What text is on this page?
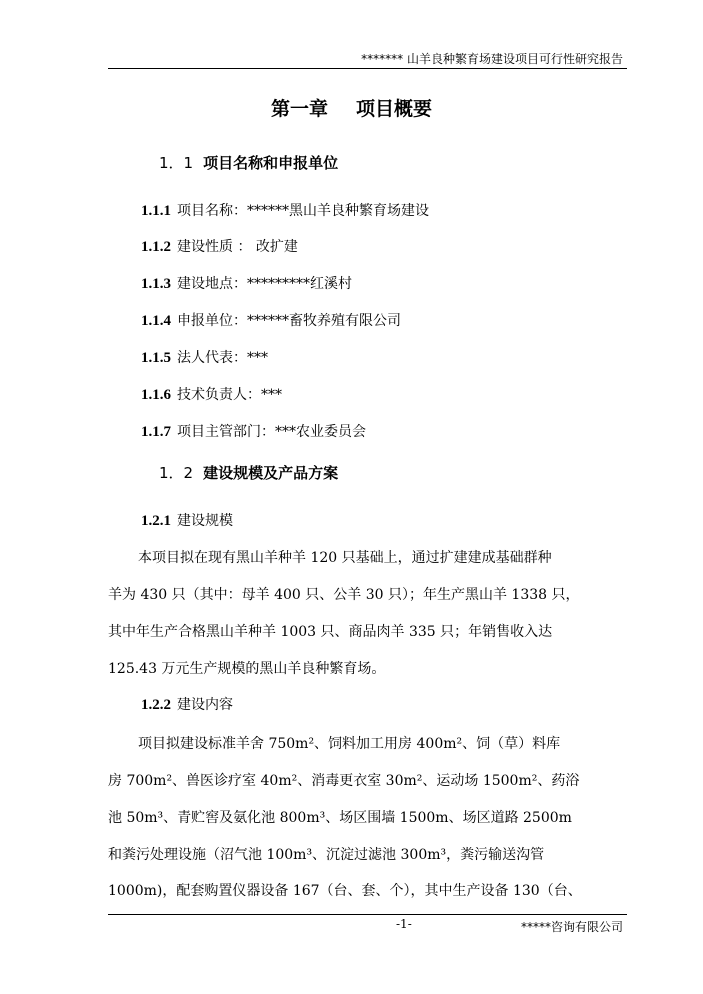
******* 山羊良种繁育场建设项目可行性研究报告
第一章 项目概要
1．1 项目名称和申报单位
1.1.1 项目名称：******黑山羊良种繁育场建设
1.1.2 建设性质 ： 改扩建
1.1.3 建设地点：*********红溪村
1.1.4 申报单位：******畜牧养殖有限公司
1.1.5 法人代表：***
1.1.6 技术负责人：***
1.1.7 项目主管部门：***农业委员会
1．2 建设规模及产品方案
1.2.1 建设规模
本项目拟在现有黑山羊种羊 120 只基础上，通过扩建建成基础群种
羊为 430 只（其中：母羊 400 只、公羊 30 只）；年生产黑山羊 1338 只，
其中年生产合格黑山羊种羊 1003 只、商品肉羊 335 只；年销售收入达
125.43 万元生产规模的黑山羊良种繁育场。
1.2.2 建设内容
项目拟建设标准羊舍 750m²、饲料加工用房 400m²、饲（草）料库
房 700m²、兽医诊疗室 40m²、消毒更衣室 30m²、运动场 1500m²、药浴
池 50m³、青贮窖及氨化池 800m³、场区围墙 1500m、场区道路 2500m
和粪污处理设施（沼气池 100m³、沉淀过滤池 300m³，粪污输送沟管
1000m)，配套购置仪器设备 167（台、套、个），其中生产设备 130（台、
-1-	*****咨询有限公司
